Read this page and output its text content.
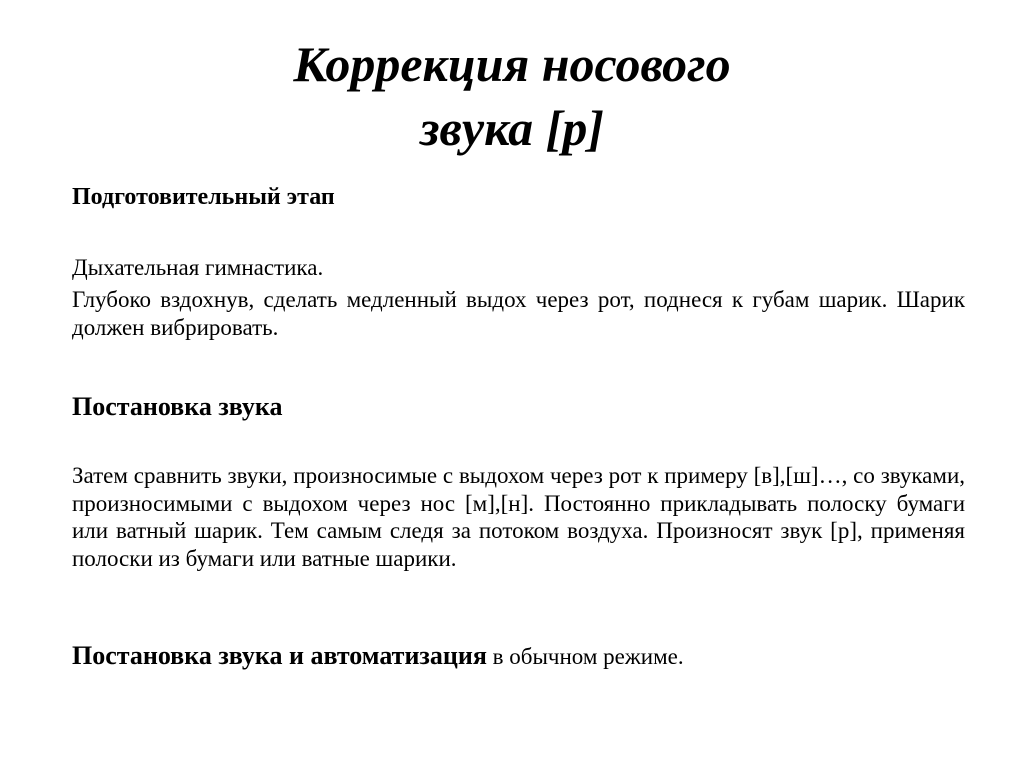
Коррекция носового
звука [р]
Подготовительный этап

Дыхательная гимнастика.

Глубоко вздохнув, сделать медленный выдох через рот, поднеся к губам шарик. Шарик должен вибрировать.

Постановка звука

Затем сравнить звуки, произносимые с выдохом через рот к примеру [в],[ш]…, со звуками, произносимыми с выдохом через нос [м],[н]. Постоянно прикладывать полоску бумаги или ватный шарик. Тем самым следя за потоком воздуха. Произносят звук [р], применяя полоски из бумаги или ватные шарики.

Постановка звука и автоматизация в обычном режиме.
